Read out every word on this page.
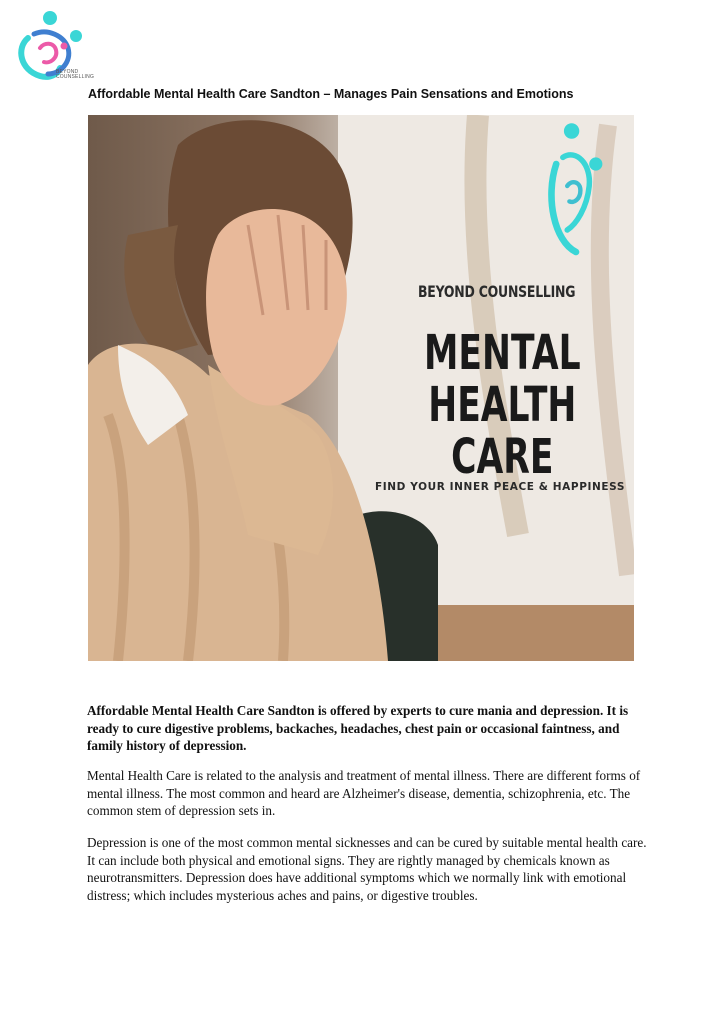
BEYOND
COUNSELLING
Affordable Mental Health Care Sandton – Manages Pain Sensations and Emotions
BEYOND COUNSELLING
MENTAL
HEALTH CARE
FIND YOUR INNER PEACE & HAPPINESS

Affordable Mental Health Care Sandton is offered by experts to cure mania and depression. It is ready to cure digestive problems, backaches, headaches, chest pain or occasional faintness, and family history of depression.

Mental Health Care is related to the analysis and treatment of mental illness. There are different forms of mental illness. The most common and heard are Alzheimer's disease, dementia, schizophrenia, etc. The common stem of depression sets in.

Depression is one of the most common mental sicknesses and can be cured by suitable mental health care. It can include both physical and emotional signs. They are rightly managed by chemicals known as neurotransmitters. Depression does have additional symptoms which we normally link with emotional distress; which includes mysterious aches and pains, or digestive troubles.
